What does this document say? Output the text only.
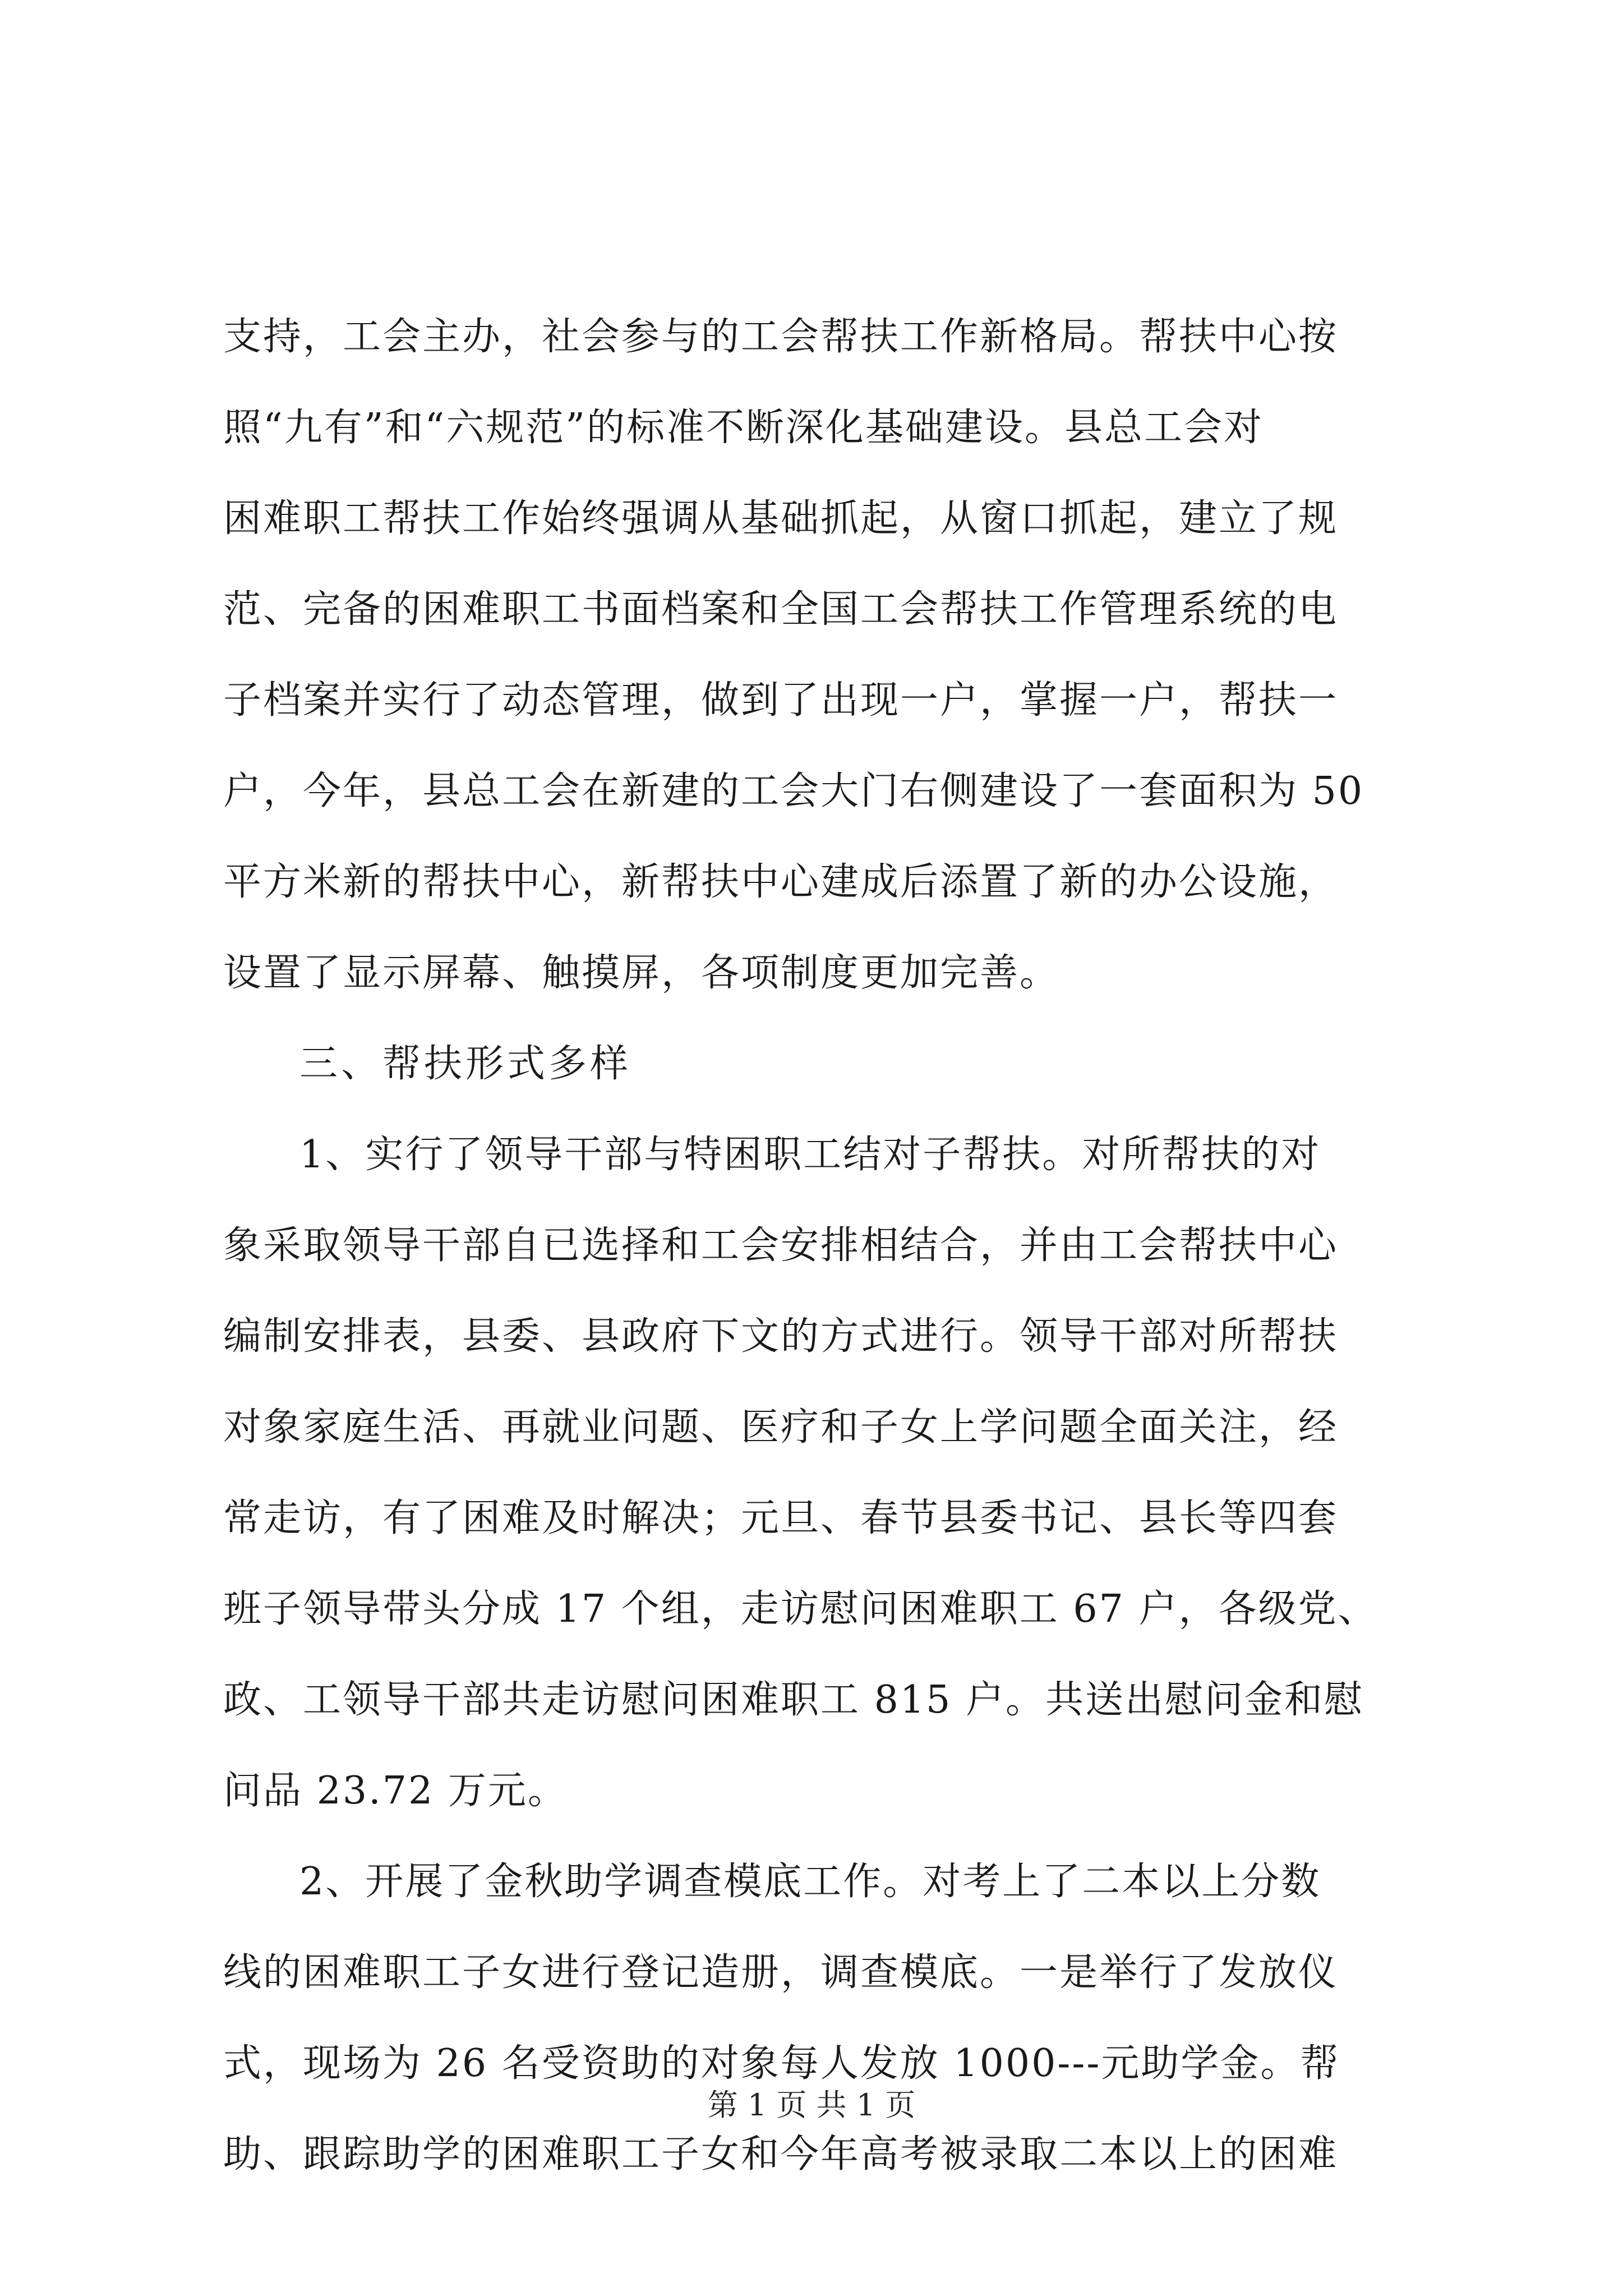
支持，工会主办，社会参与的工会帮扶工作新格局。帮扶中心按
照“九有”和“六规范”的标准不断深化基础建设。县总工会对
困难职工帮扶工作始终强调从基础抓起，从窗口抓起，建立了规
范、完备的困难职工书面档案和全国工会帮扶工作管理系统的电
子档案并实行了动态管理，做到了出现一户，掌握一户，帮扶一
户，今年，县总工会在新建的工会大门右侧建设了一套面积为 50
平方米新的帮扶中心，新帮扶中心建成后添置了新的办公设施，
设置了显示屏幕、触摸屏，各项制度更加完善。
三、帮扶形式多样
1、实行了领导干部与特困职工结对子帮扶。对所帮扶的对
象采取领导干部自已选择和工会安排相结合，并由工会帮扶中心
编制安排表，县委、县政府下文的方式进行。领导干部对所帮扶
对象家庭生活、再就业问题、医疗和子女上学问题全面关注，经
常走访，有了困难及时解决；元旦、春节县委书记、县长等四套
班子领导带头分成 17 个组，走访慰问困难职工 67 户，各级党、
政、工领导干部共走访慰问困难职工 815 户。共送出慰问金和慰
问品 23.72 万元。
2、开展了金秋助学调查模底工作。对考上了二本以上分数
线的困难职工子女进行登记造册，调查模底。一是举行了发放仪
式，现场为 26 名受资助的对象每人发放 1000---元助学金。帮
助、跟踪助学的困难职工子女和今年高考被录取二本以上的困难
第 1 页 共 1 页
